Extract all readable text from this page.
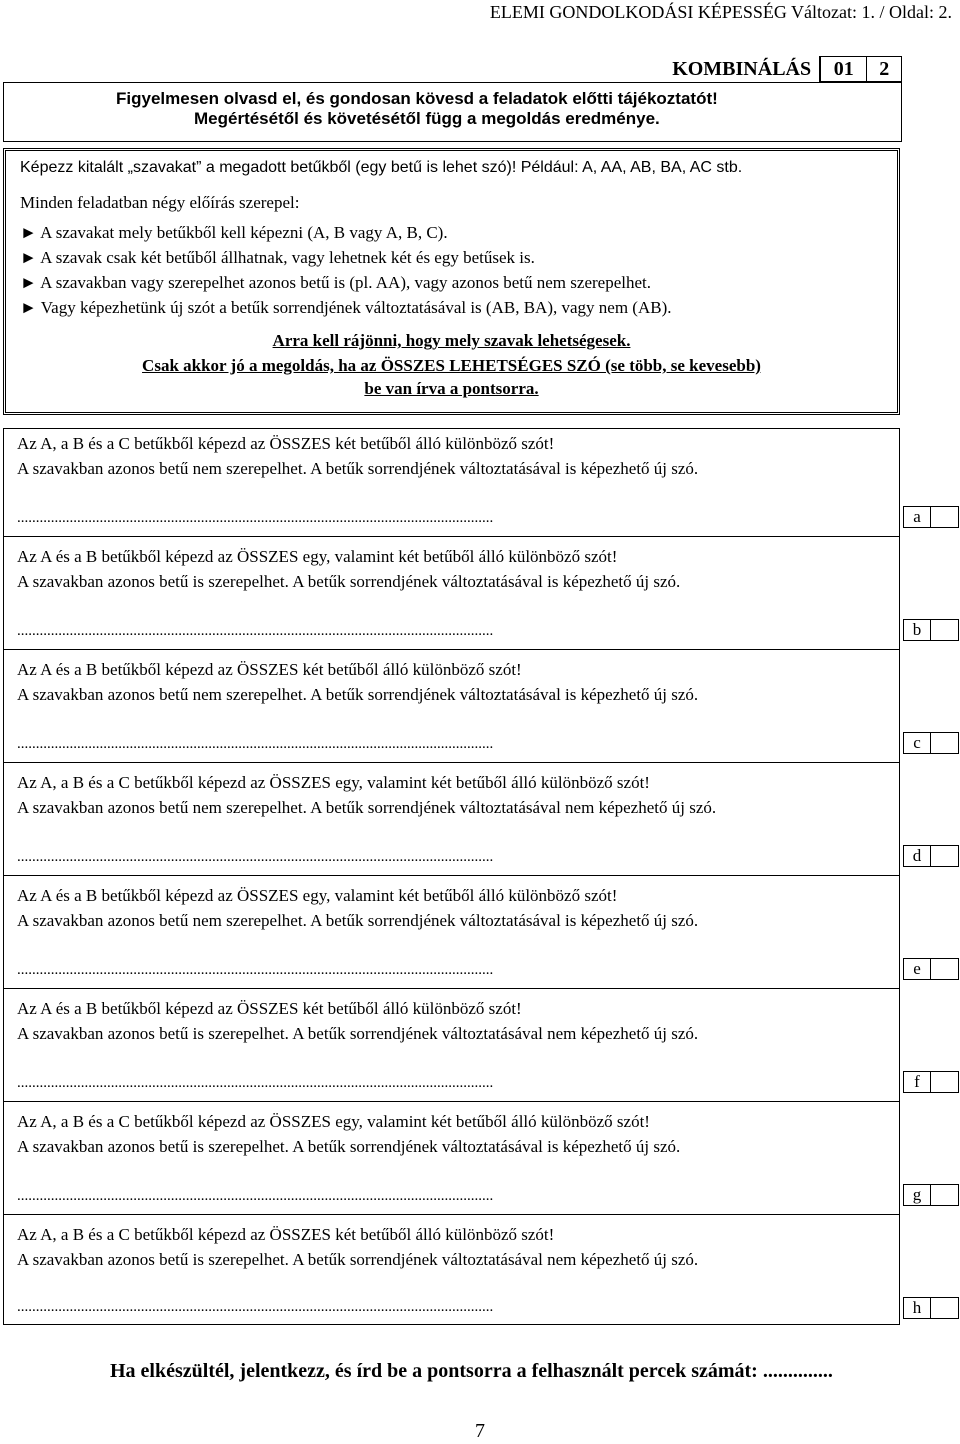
ELEMI GONDOLKODÁSI KÉPESSÉG Változat: 1. / Oldal: 2.
KOMBINÁLÁS	01	2
Figyelmesen olvasd el, és gondosan kövesd a feladatok előtti tájékoztatót!
Megértésétől és követésétől függ a megoldás eredménye.
Képezz kitalált „szavakat” a megadott betűkből (egy betű is lehet szó)! Például: A, AA, AB, BA, AC stb.
Minden feladatban négy előírás szerepel:
► A szavakat mely betűkből kell képezni (A, B vagy A, B, C).
► A szavak csak két betűből állhatnak, vagy lehetnek két és egy betűsek is.
► A szavakban vagy szerepelhet azonos betű is (pl. AA), vagy azonos betű nem szerepelhet.
► Vagy képezhetünk új szót a betűk sorrendjének változtatásával is (AB, BA), vagy nem (AB).
Arra kell rájönni, hogy mely szavak lehetségesek.
Csak akkor jó a megoldás, ha az ÖSSZES LEHETSÉGES SZÓ (se több, se kevesebb)
be van írva a pontsorra.
Az A, a B és a C betűkből képezd az ÖSSZES két betűből álló különböző szót!
A szavakban azonos betű nem szerepelhet. A betűk sorrendjének változtatásával is képezhető új szó.
...............................................................................................................................	a
Az A és a B betűkből képezd az ÖSSZES egy, valamint két betűből álló különböző szót!
A szavakban azonos betű is szerepelhet. A betűk sorrendjének változtatásával is képezhető új szó.
...............................................................................................................................	b
Az A és a B betűkből képezd az ÖSSZES két betűből álló különböző szót!
A szavakban azonos betű nem szerepelhet. A betűk sorrendjének változtatásával is képezhető új szó.
...............................................................................................................................	c
Az A, a B és a C betűkből képezd az ÖSSZES egy, valamint két betűből álló különböző szót!
A szavakban azonos betű nem szerepelhet. A betűk sorrendjének változtatásával nem képezhető új szó.
...............................................................................................................................	d
Az A és a B betűkből képezd az ÖSSZES egy, valamint két betűből álló különböző szót!
A szavakban azonos betű nem szerepelhet. A betűk sorrendjének változtatásával is képezhető új szó.
...............................................................................................................................	e
Az A és a B betűkből képezd az ÖSSZES két betűből álló különböző szót!
A szavakban azonos betű is szerepelhet. A betűk sorrendjének változtatásával nem képezhető új szó.
...............................................................................................................................	f
Az A, a B és a C betűkből képezd az ÖSSZES egy, valamint két betűből álló különböző szót!
A szavakban azonos betű is szerepelhet. A betűk sorrendjének változtatásával is képezhető új szó.
...............................................................................................................................	g
Az A, a B és a C betűkből képezd az ÖSSZES két betűből álló különböző szót!
A szavakban azonos betű is szerepelhet. A betűk sorrendjének változtatásával nem képezhető új szó.
...............................................................................................................................	h
Ha elkészültél, jelentkezz, és írd be a pontsorra a felhasznált percek számát: ..............
7
